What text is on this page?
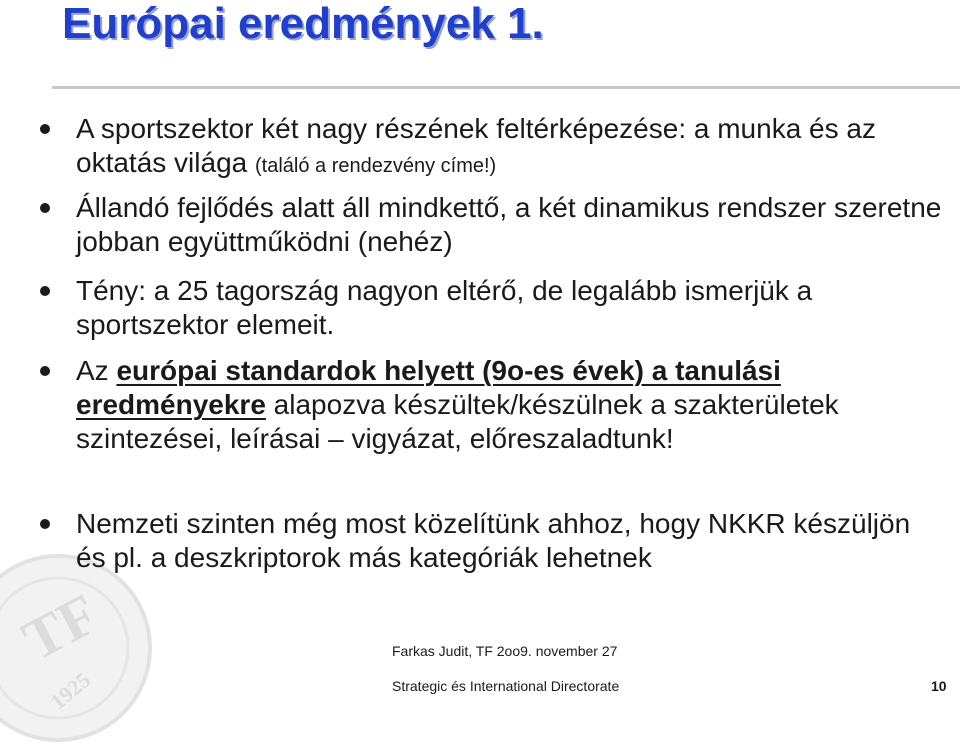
TF
1925
Európai eredmények 1.
A sportszektor két nagy részének feltérképezése: a munka és az oktatás világa (találó a rendezvény címe!)
Állandó fejlődés alatt áll mindkettő, a két dinamikus rendszer szeretne jobban együttműködni (nehéz)
Tény: a 25 tagország nagyon eltérő, de legalább ismerjük a sportszektor elemeit.
Az európai standardok helyett (9o-es évek) a tanulási eredményekre alapozva készültek/készülnek a szakterületek szintezései, leírásai – vigyázat, előreszaladtunk!
Nemzeti szinten még most közelítünk ahhoz, hogy NKKR készüljön és pl. a deszkriptorok más kategóriák lehetnek
Farkas Judit, TF 2oo9. november 27
Strategic és International Directorate	10
